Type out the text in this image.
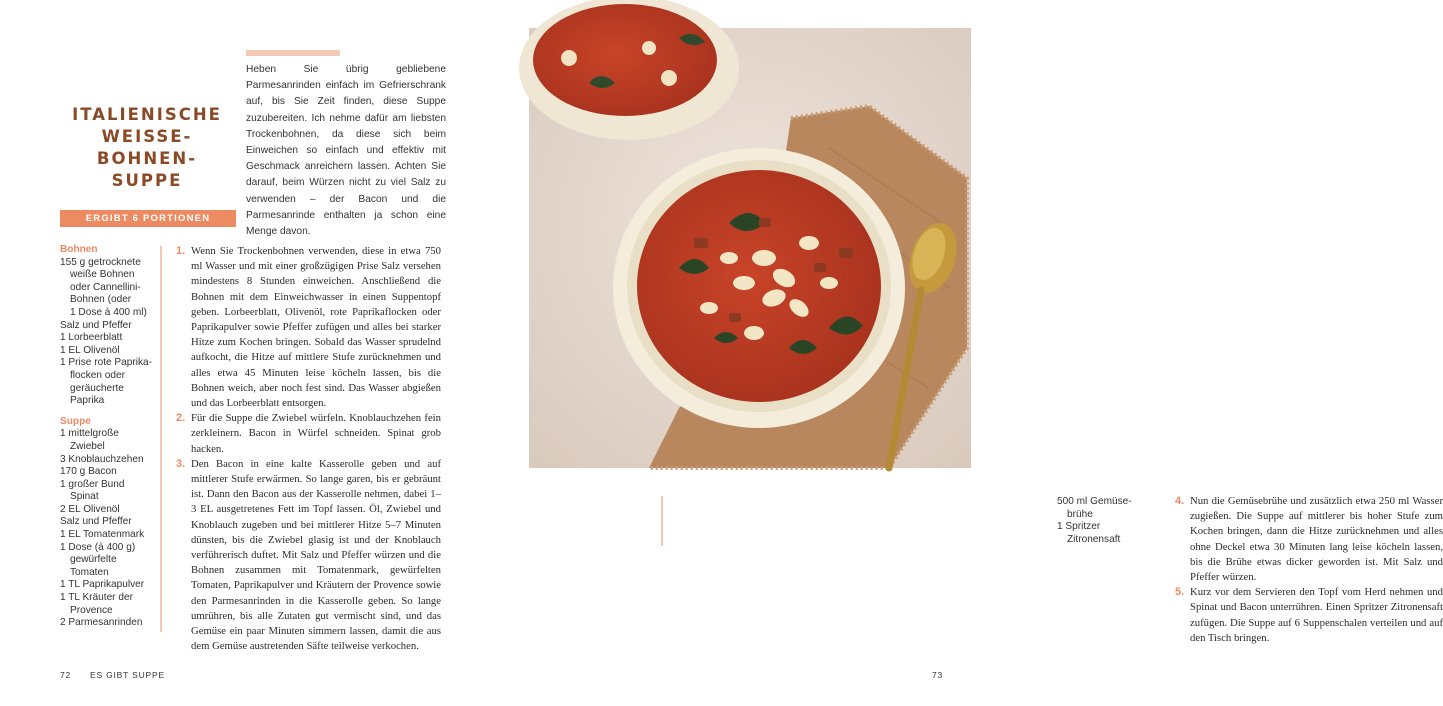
ITALIENISCHE WEISSE-BOHNEN-SUPPE

Heben Sie übrig gebliebene Parmesanrinden einfach im Gefrierschrank auf, bis Sie Zeit finden, diese Suppe zuzubereiten. Ich nehme dafür am liebsten Trockenbohnen, da diese sich beim Einweichen so einfach und effektiv mit Geschmack anreichern lassen. Achten Sie darauf, beim Würzen nicht zu viel Salz zu verwenden – der Bacon und die Parmesanrinde enthalten ja schon eine Menge davon.

ERGIBT 6 PORTIONEN
Bohnen
155 g getrocknete
weiße Bohnen
oder Cannellini-
Bohnen (oder
1 Dose à 400 ml)
Salz und Pfeffer
1 Lorbeerblatt
1 EL Olivenöl
1 Prise rote Paprika-
flocken oder
geräucherte
Paprika
Suppe
1 mittelgroße
Zwiebel
3 Knoblauchzehen
170 g Bacon
1 großer Bund
Spinat
2 EL Olivenöl
Salz und Pfeffer
1 EL Tomatenmark
1 Dose (à 400 g)
gewürfelte
Tomaten
1 TL Paprikapulver
1 TL Kräuter der
Provence
2 Parmesanrinden
1. Wenn Sie Trockenbohnen verwenden, diese in etwa 750 ml Wasser und mit einer großzügigen Prise Salz versehen mindestens 8 Stunden einweichen. Anschließend die Bohnen mit dem Einweichwasser in einen Suppentopf geben. Lorbeerblatt, Olivenöl, rote Paprikaflocken oder Paprikapulver sowie Pfeffer zufügen und alles bei starker Hitze zum Kochen bringen. Sobald das Wasser sprudelnd aufkocht, die Hitze auf mittlere Stufe zurücknehmen und alles etwa 45 Minuten leise köcheln lassen, bis die Bohnen weich, aber noch fest sind. Das Wasser abgießen und das Lorbeerblatt entsorgen.
2. Für die Suppe die Zwiebel würfeln. Knoblauchzehen fein zerkleinern. Bacon in Würfel schneiden. Spinat grob hacken.
3. Den Bacon in eine kalte Kasserolle geben und auf mittlerer Stufe erwärmen. So lange garen, bis er gebräunt ist. Dann den Bacon aus der Kasserolle nehmen, dabei 1–3 EL ausgetretenes Fett im Topf lassen. Öl, Zwiebel und Knoblauch zugeben und bei mittlerer Hitze 5–7 Minuten dünsten, bis die Zwiebel glasig ist und der Knoblauch verführerisch duftet. Mit Salz und Pfeffer würzen und die Bohnen zusammen mit Tomatenmark, gewürfelten Tomaten, Paprikapulver und Kräutern der Provence sowie den Parmesanrinden in die Kasserolle geben. So lange umrühren, bis alle Zutaten gut vermischt sind, und das Gemüse ein paar Minuten simmern lassen, damit die aus dem Gemüse austretenden Säfte teilweise verkochen.
72 ES GIBT SUPPE
500 ml Gemüse-
brühe
1 Spritzer
Zitronensaft
4. Nun die Gemüsebrühe und zusätzlich etwa 250 ml Wasser zugießen. Die Suppe auf mittlerer bis hoher Stufe zum Kochen bringen, dann die Hitze zurücknehmen und alles ohne Deckel etwa 30 Minuten lang leise köcheln lassen, bis die Brühe etwas dicker geworden ist. Mit Salz und Pfeffer würzen.
5. Kurz vor dem Servieren den Topf vom Herd nehmen und Spinat und Bacon unterrühren. Einen Spritzer Zitronensaft zufügen. Die Suppe auf 6 Suppenschalen verteilen und auf den Tisch bringen.
73
